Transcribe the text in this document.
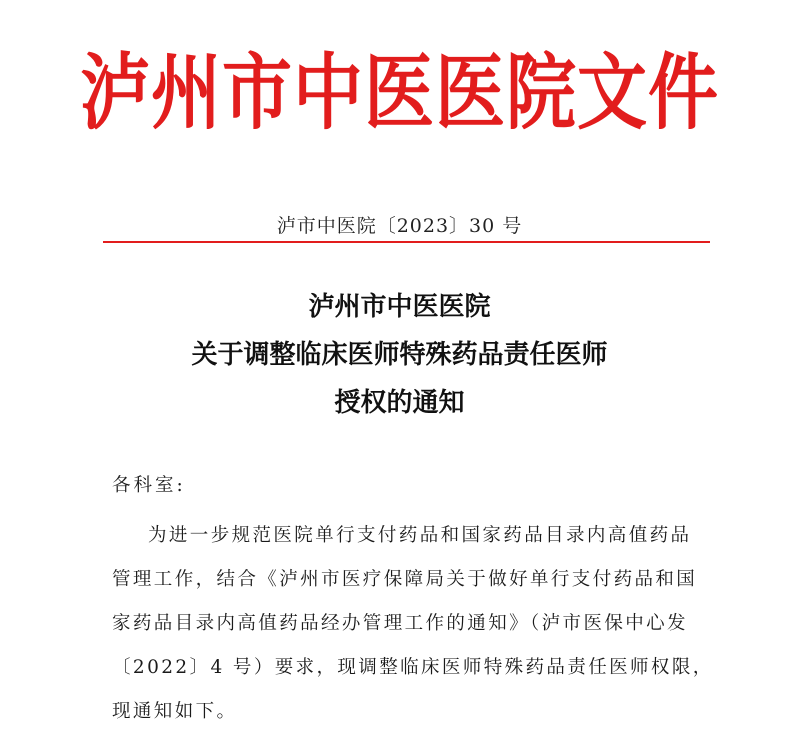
泸州市中医医院文件
泸市中医院〔2023〕30 号
泸州市中医医院
关于调整临床医师特殊药品责任医师
授权的通知
各科室:
为进一步规范医院单行支付药品和国家药品目录内高值药品
管理工作，结合《泸州市医疗保障局关于做好单行支付药品和国
家药品目录内高值药品经办管理工作的通知》（泸市医保中心发
〔2022〕4 号）要求，现调整临床医师特殊药品责任医师权限，
现通知如下。
